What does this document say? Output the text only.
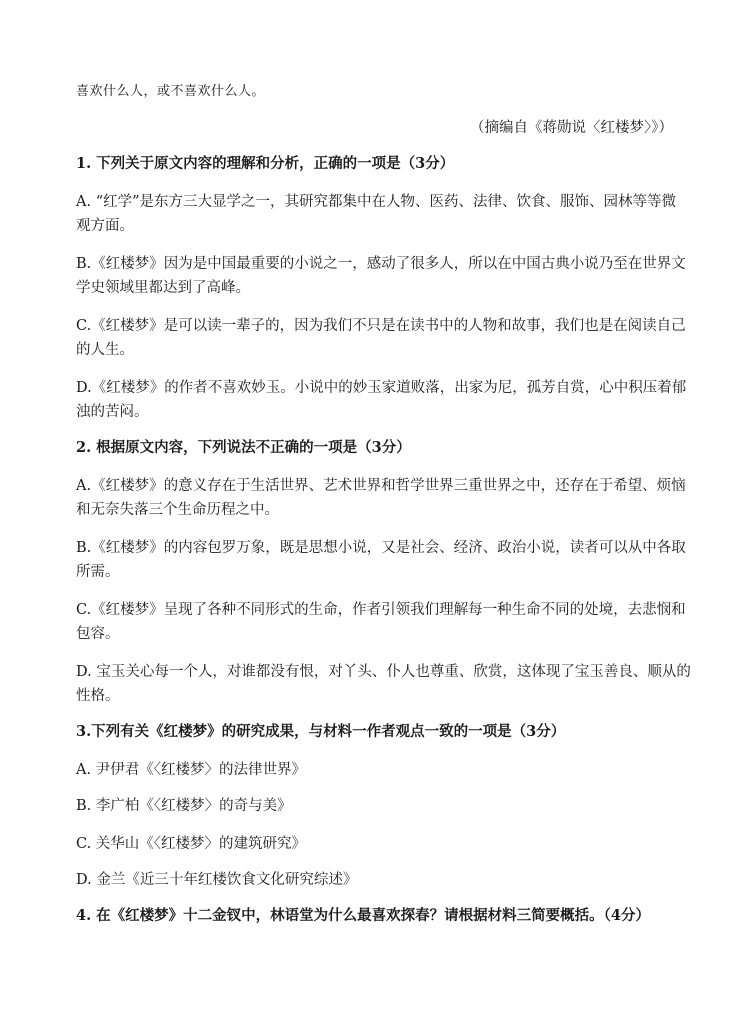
喜欢什么人，或不喜欢什么人。
（摘编自《蒋勋说〈红楼梦〉》）
1. 下列关于原文内容的理解和分析，正确的一项是（3分）
A. “红学”是东方三大显学之一，其研究都集中在人物、医药、法律、饮食、服饰、园林等等微
观方面。
B.《红楼梦》因为是中国最重要的小说之一，感动了很多人，所以在中国古典小说乃至在世界文
学史领域里都达到了高峰。
C.《红楼梦》是可以读一辈子的，因为我们不只是在读书中的人物和故事，我们也是在阅读自己
的人生。
D.《红楼梦》的作者不喜欢妙玉。小说中的妙玉家道败落，出家为尼，孤芳自赏，心中积压着郁
浊的苦闷。
2. 根据原文内容，下列说法不正确的一项是（3分）
A.《红楼梦》的意义存在于生活世界、艺术世界和哲学世界三重世界之中，还存在于希望、烦恼
和无奈失落三个生命历程之中。
B.《红楼梦》的内容包罗万象，既是思想小说，又是社会、经济、政治小说，读者可以从中各取
所需。
C.《红楼梦》呈现了各种不同形式的生命，作者引领我们理解每一种生命不同的处境，去悲悯和
包容。
D. 宝玉关心每一个人，对谁都没有恨，对丫头、仆人也尊重、欣赏，这体现了宝玉善良、顺从的
性格。
3.下列有关《红楼梦》的研究成果，与材料一作者观点一致的一项是（3分）
A. 尹伊君《〈红楼梦〉的法律世界》
B. 李广柏《〈红楼梦〉的奇与美》
C. 关华山《〈红楼梦〉的建筑研究》
D. 金兰《近三十年红楼饮食文化研究综述》
4. 在《红楼梦》十二金钗中，林语堂为什么最喜欢探春？请根据材料三简要概括。（4分）
